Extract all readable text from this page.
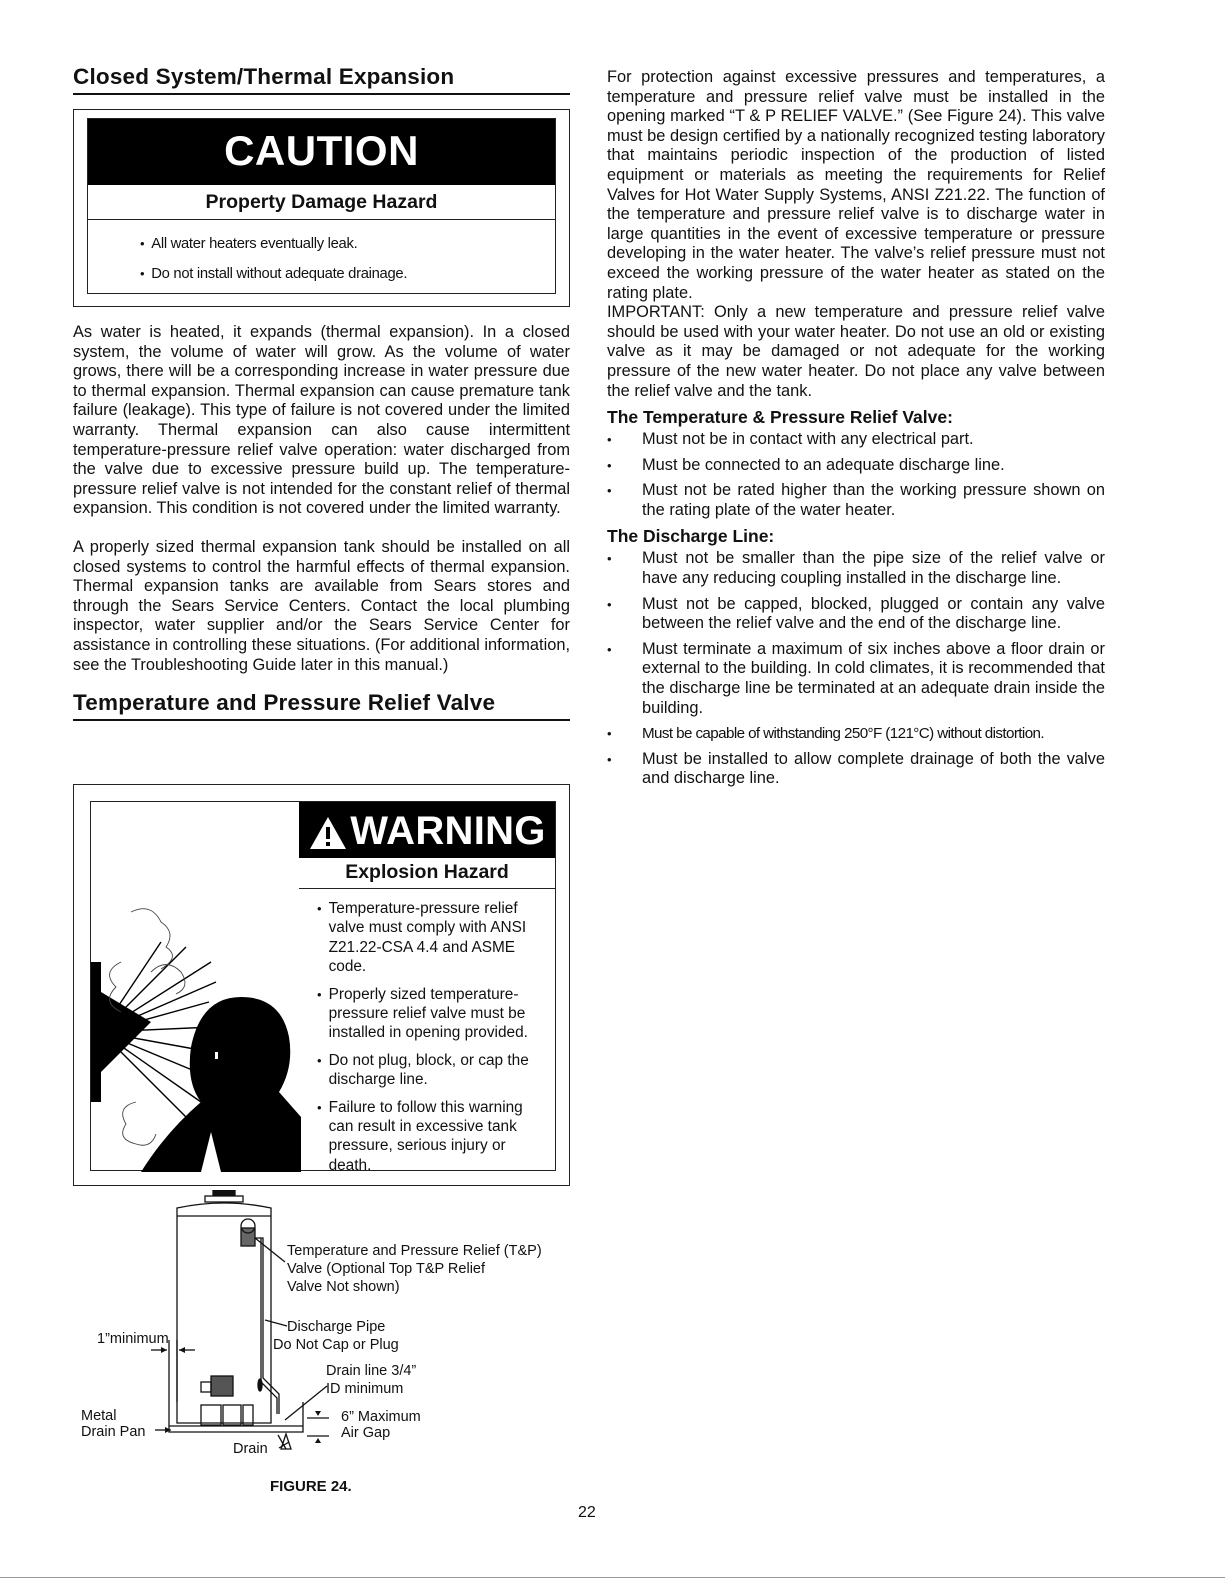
Closed System/Thermal Expansion
CAUTION
Property Damage Hazard
• All water heaters eventually leak.
• Do not install without adequate drainage.

As water is heated, it expands (thermal expansion). In a closed system, the volume of water will grow. As the volume of water grows, there will be a corresponding increase in water pressure due to thermal expansion. Thermal expansion can cause premature tank failure (leakage). This type of failure is not covered under the limited warranty. Thermal expansion can also cause intermittent temperature-pressure relief valve operation: water discharged from the valve due to excessive pressure build up. The temperature-pressure relief valve is not intended for the constant relief of thermal expansion. This condition is not covered under the limited warranty.

A properly sized thermal expansion tank should be installed on all closed systems to control the harmful effects of thermal expansion. Thermal expansion tanks are available from Sears stores and through the Sears Service Centers. Contact the local plumbing inspector, water supplier and/or the Sears Service Center for assistance in controlling these situations. (For additional information, see the Troubleshooting Guide later in this manual.)

Temperature and Pressure Relief Valve
WARNING
Explosion Hazard
• Temperature-pressure relief valve must comply with ANSI Z21.22-CSA 4.4 and ASME code.
• Properly sized temperature-pressure relief valve must be installed in opening provided.
• Do not plug, block, or cap the discharge line.
• Failure to follow this warning can result in excessive tank pressure, serious injury or death.
Temperature and Pressure Relief (T&P)
Valve (Optional Top T&P Relief
Valve Not shown)
Discharge Pipe
Do Not Cap or Plug
Drain line 3/4”
ID minimum
1”minimum
Metal
Drain Pan
6” Maximum
Air Gap
Drain
FIGURE 24.

For protection against excessive pressures and temperatures, a temperature and pressure relief valve must be installed in the opening marked “T & P RELIEF VALVE.” (See Figure 24). This valve must be design certified by a nationally recognized testing laboratory that maintains periodic inspection of the production of listed equipment or materials as meeting the requirements for Relief Valves for Hot Water Supply Systems, ANSI Z21.22. The function of the temperature and pressure relief valve is to discharge water in large quantities in the event of excessive temperature or pressure developing in the water heater. The valve’s relief pressure must not exceed the working pressure of the water heater as stated on the rating plate.

IMPORTANT: Only a new temperature and pressure relief valve should be used with your water heater. Do not use an old or existing valve as it may be damaged or not adequate for the working pressure of the new water heater. Do not place any valve between the relief valve and the tank.

The Temperature & Pressure Relief Valve:
• Must not be in contact with any electrical part.
• Must be connected to an adequate discharge line.
• Must not be rated higher than the working pressure shown on the rating plate of the water heater.
The Discharge Line:
• Must not be smaller than the pipe size of the relief valve or have any reducing coupling installed in the discharge line.
• Must not be capped, blocked, plugged or contain any valve between the relief valve and the end of the discharge line.
• Must terminate a maximum of six inches above a floor drain or external to the building. In cold climates, it is recommended that the discharge line be terminated at an adequate drain inside the building.
• Must be capable of withstanding 250°F (121°C) without distortion.
• Must be installed to allow complete drainage of both the valve and discharge line.
22
